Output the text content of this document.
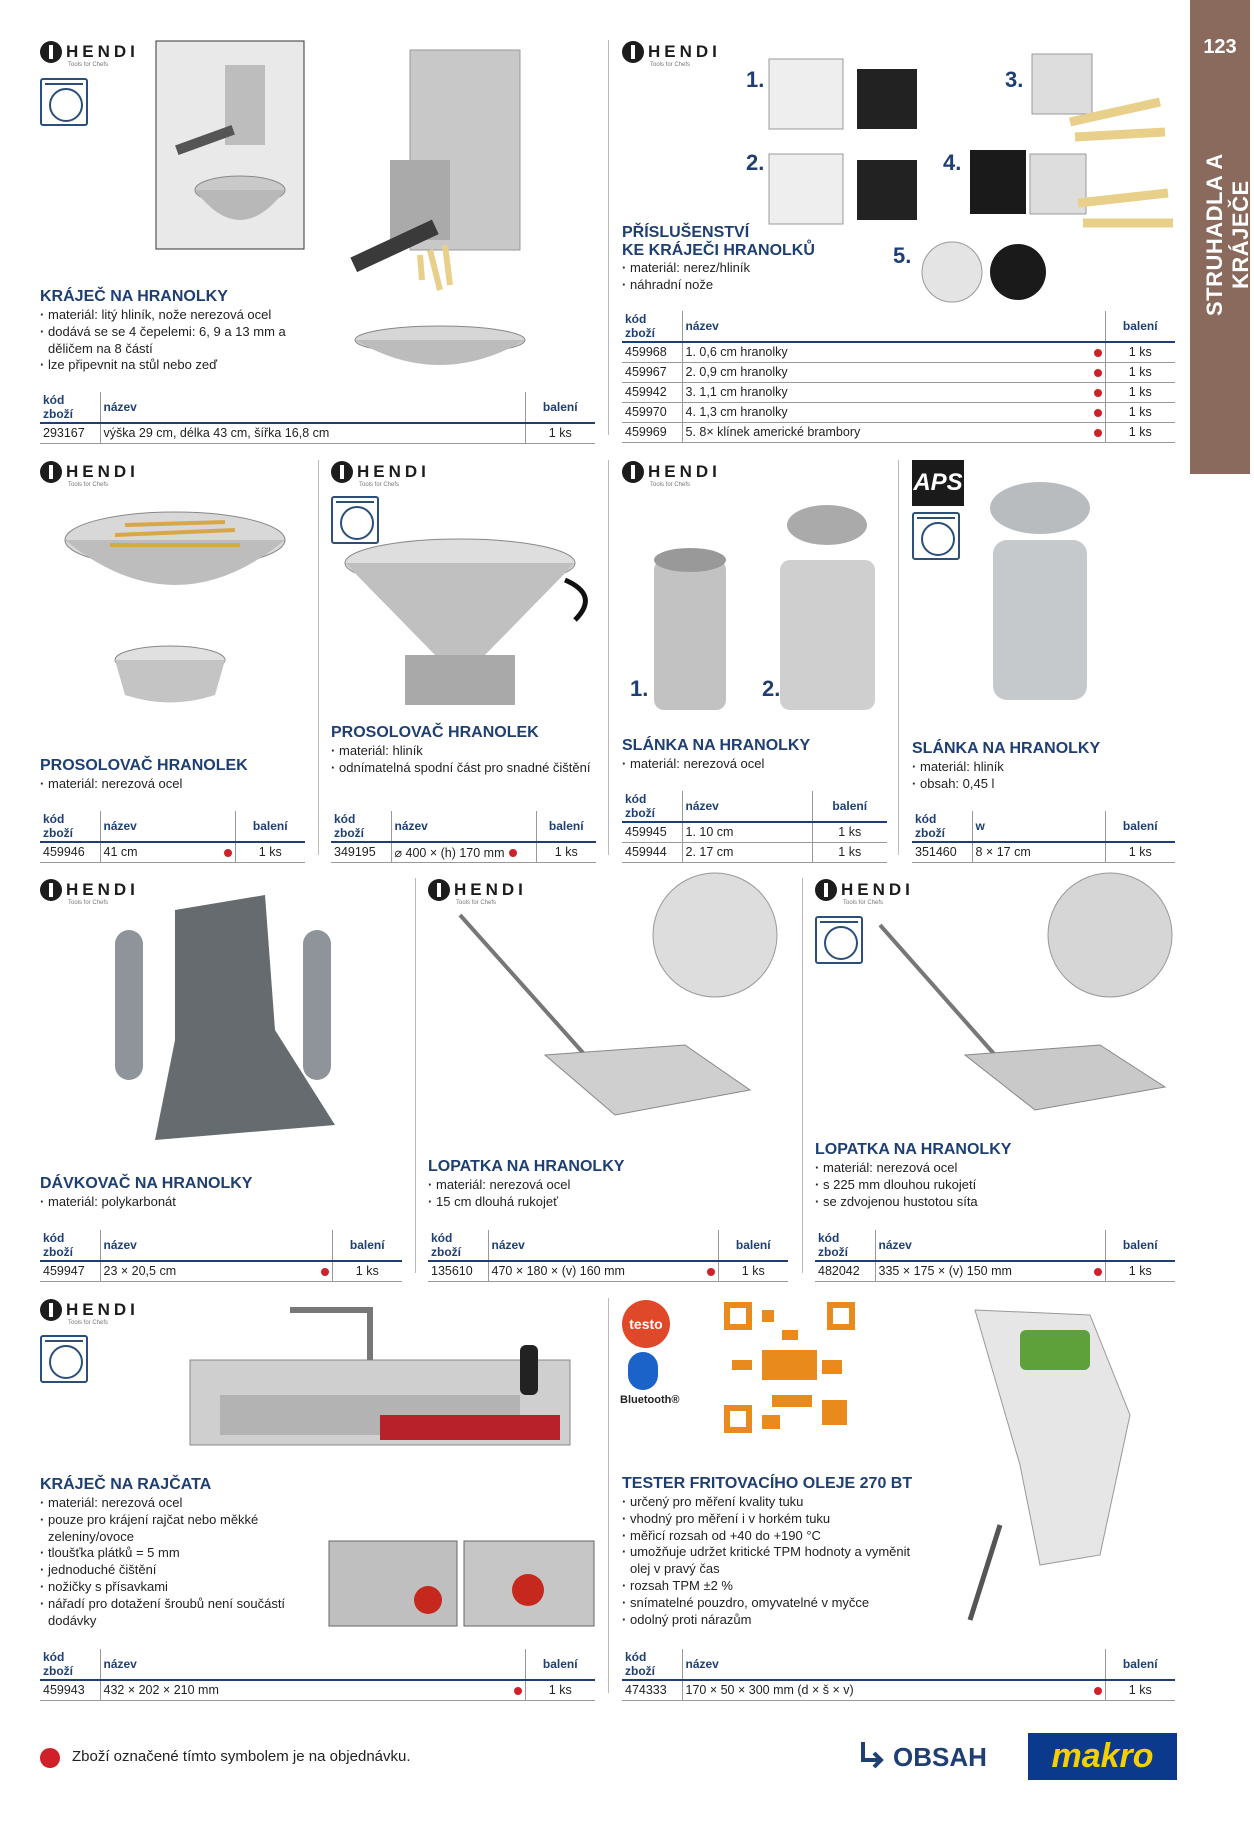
123
STRUHADLA A KRÁJEČE
HENDI
Tools for Chefs
KRÁJEČ NA HRANOLKY
· materiál: litý hliník, nože nerezová ocel
· dodává se se 4 čepelemi: 6, 9 a 13 mm a děličem na 8 částí
· lze připevnit na stůl nebo zeď
kód zboží	název	balení
293167	výška 29 cm, délka 43 cm, šířka 16,8 cm	1 ks
HENDI
Tools for Chefs
1.
2.
3.
4.
5.
PŘÍSLUŠENSTVÍ
KE KRÁJEČI HRANOLKŮ
· materiál: nerez/hliník
· náhradní nože
kód zboží	název	balení
459968	1. 0,6 cm hranolky	1 ks
459967	2. 0,9 cm hranolky	1 ks
459942	3. 1,1 cm hranolky	1 ks
459970	4. 1,3 cm hranolky	1 ks
459969	5. 8× klínek americké brambory	1 ks
HENDI
Tools for Chefs
PROSOLOVAČ HRANOLEK
· materiál: nerezová ocel
kód zboží	název	balení
459946	41 cm	1 ks
HENDI
Tools for Chefs
PROSOLOVAČ HRANOLEK
· materiál: hliník
· odnímatelná spodní část pro snadné čištění
kód zboží	název	balení
349195	⌀ 400 × (h) 170 mm	1 ks
HENDI
Tools for Chefs
1.	2.
SLÁNKA NA HRANOLKY
· materiál: nerezová ocel
kód zboží	název	balení
459945	1. 10 cm	1 ks
459944	2. 17 cm	1 ks
APS
SLÁNKA NA HRANOLKY
· materiál: hliník
· obsah: 0,45 l
kód zboží	w	balení
351460	8 × 17 cm	1 ks
HENDI
Tools for Chefs
DÁVKOVAČ NA HRANOLKY
· materiál: polykarbonát
kód zboží	název	balení
459947	23 × 20,5 cm	1 ks
HENDI
Tools for Chefs
LOPATKA NA HRANOLKY
· materiál: nerezová ocel
· 15 cm dlouhá rukojeť
kód zboží	název	balení
135610	470 × 180 × (v) 160 mm	1 ks
HENDI
Tools for Chefs
LOPATKA NA HRANOLKY
· materiál: nerezová ocel
· s 225 mm dlouhou rukojetí
· se zdvojenou hustotou síta
kód zboží	název	balení
482042	335 × 175 × (v) 150 mm	1 ks
HENDI
Tools for Chefs
KRÁJEČ NA RAJČATA
· materiál: nerezová ocel
· pouze pro krájení rajčat nebo měkké zeleniny/ovoce
· tloušťka plátků = 5 mm
· jednoduché čištění
· nožičky s přísavkami
· nářadí pro dotažení šroubů není součástí dodávky
kód zboží	název	balení
459943	432 × 202 × 210 mm	1 ks
testo
Bluetooth®
TESTER FRITOVACÍHO OLEJE 270 BT
· určený pro měření kvality tuku
· vhodný pro měření i v horkém tuku
· měřicí rozsah od +40 do +190 °C
· umožňuje udržet kritické TPM hodnoty a vyměnit olej v pravý čas
· rozsah TPM ±2 %
· snímatelné pouzdro, omyvatelné v myčce
· odolný proti nárazům
kód zboží	název	balení
474333	170 × 50 × 300 mm (d × š × v)	1 ks
Zboží označené tímto symbolem je na objednávku.	OBSAH	makro
